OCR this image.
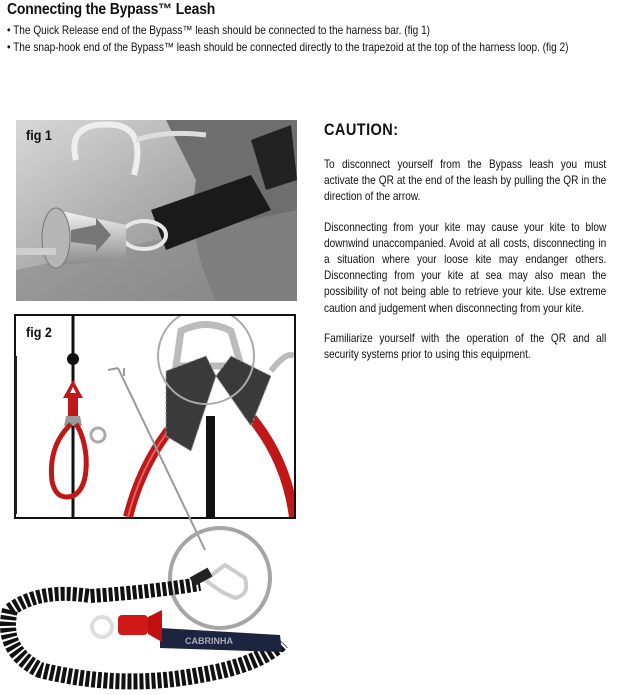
Connecting the Bypass™ Leash
• The Quick Release end of the Bypass™ leash should be connected to the harness bar. (fig 1)
• The snap-hook end of the Bypass™ leash should be connected directly to the trapezoid at the top of the harness loop. (fig 2)
fig 1
fig 2
CAUTION:

To disconnect yourself from the Bypass leash you must activate the QR at the end of the leash by pulling the QR in the direction of the arrow.

Disconnecting from your kite may cause your kite to blow downwind unaccompanied. Avoid at all costs, disconnecting in a situation where your loose kite may endanger others. Disconnecting from your kite at sea may also mean the possibility of not being able to retrieve your kite. Use extreme caution and judgement when disconnecting from your kite.

Familiarize yourself with the operation of the QR and all security systems prior to using this equipment.

CABRINHA
